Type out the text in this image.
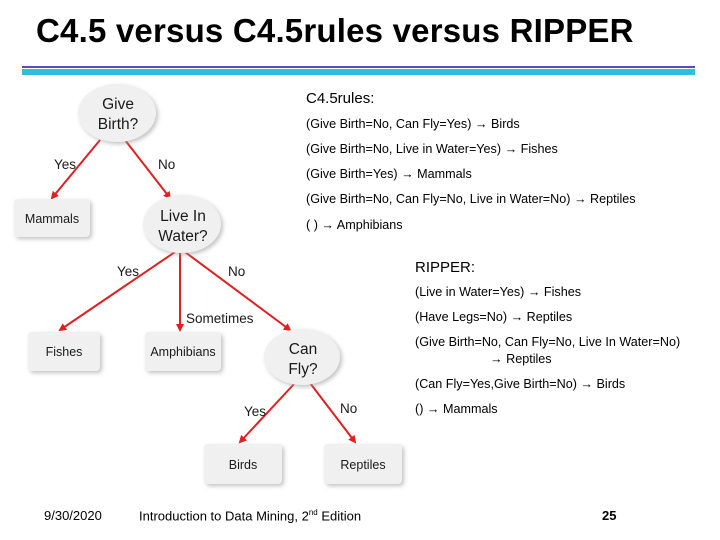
C4.5 versus C4.5rules versus RIPPER
Give
Birth?
Live In
Water?
Can
Fly?
Yes	No
Yes	No
Sometimes
Yes	No
Mammals
Fishes	Amphibians
Birds	Reptiles
C4.5rules:
(Give Birth=No, Can Fly=Yes) → Birds
(Give Birth=No, Live in Water=Yes) → Fishes
(Give Birth=Yes) → Mammals
(Give Birth=No, Can Fly=No, Live in Water=No) → Reptiles
( ) → Amphibians
RIPPER:
(Live in Water=Yes) → Fishes
(Have Legs=No) → Reptiles
(Give Birth=No, Can Fly=No, Live In Water=No)
→ Reptiles
(Can Fly=Yes,Give Birth=No) → Birds
() → Mammals
9/30/2020	Introduction to Data Mining, 2nd Edition	25
